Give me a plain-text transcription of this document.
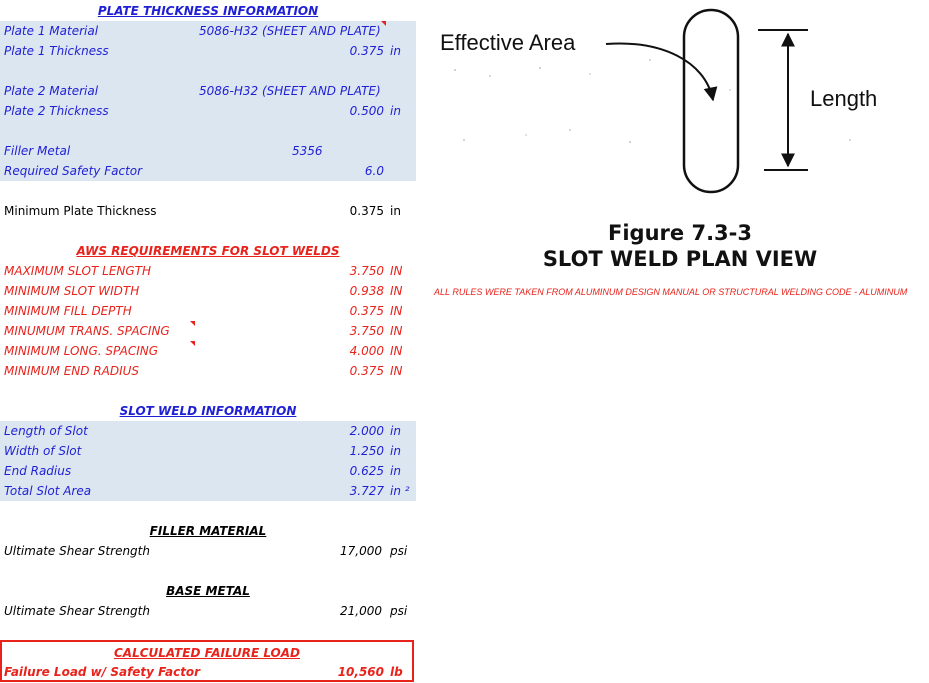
PLATE THICKNESS INFORMATION
Plate 1 Material	5086-H32 (SHEET AND PLATE)
Plate 1 Thickness	0.375 in
Plate 2 Material	5086-H32 (SHEET AND PLATE)
Plate 2 Thickness	0.500 in
Filler Metal	5356
Required Safety Factor	6.0
Minimum Plate Thickness	0.375 in
AWS REQUIREMENTS FOR SLOT WELDS
MAXIMUM SLOT LENGTH	3.750 IN
MINIMUM SLOT WIDTH	0.938 IN
MINIMUM FILL DEPTH	0.375 IN
MINUMUM TRANS. SPACING	3.750 IN
MINIMUM LONG. SPACING	4.000 IN
MINIMUM END RADIUS	0.375 IN
SLOT WELD INFORMATION
Length of Slot	2.000 in
Width of Slot	1.250 in
End Radius	0.625 in
Total Slot Area	3.727 in ²
FILLER MATERIAL
Ultimate Shear Strength	17,000 psi
BASE METAL
Ultimate Shear Strength	21,000 psi
CALCULATED FAILURE LOAD
Failure Load w/ Safety Factor	10,560 lb
Effective Area
Length
Figure 7.3-3
SLOT WELD PLAN VIEW
ALL RULES WERE TAKEN FROM ALUMINUM DESIGN MANUAL OR STRUCTURAL WELDING CODE - ALUMINUM
